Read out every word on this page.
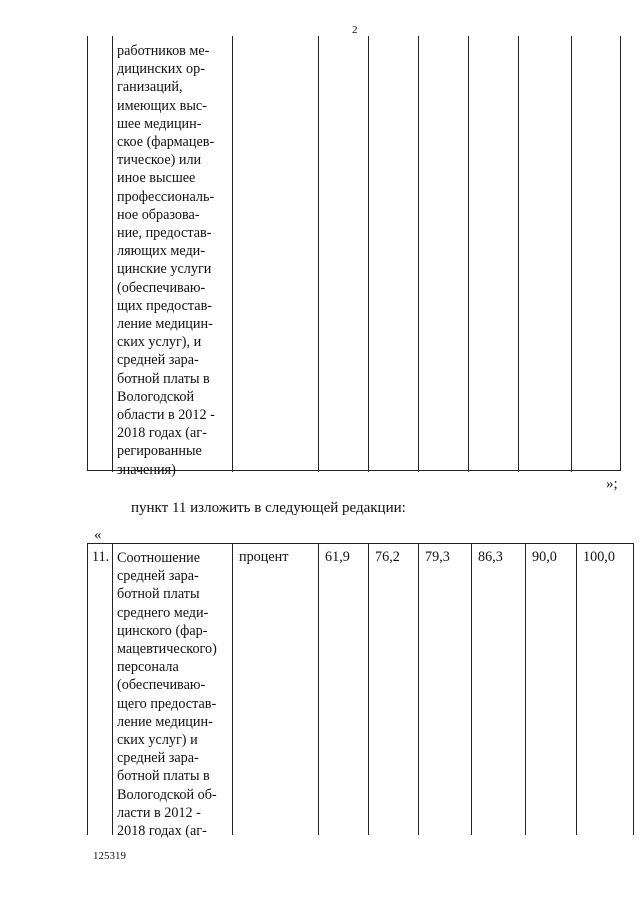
2
работников ме-
дицинских ор-
ганизаций,
имеющих выс-
шее медицин-
ское (фармацев-
тическое) или
иное высшее
профессиональ-
ное образова-
ние, предостав-
ляющих меди-
цинские услуги
(обеспечиваю-
щих предостав-
ление медицин-
ских услуг), и
средней зара-
ботной платы в
Вологодской
области в 2012 -
2018 годах (аг-
регированные
значения)
»;
пункт 11 изложить в следующей редакции:
«
11. Соотношение
средней зара-
ботной платы
среднего меди-
цинского (фар-
мацевтического)
персонала
(обеспечиваю-
щего предостав-
ление медицин-
ских услуг) и
средней зара-
ботной платы в
Вологодской об-
ласти в 2012 -
2018 годах (аг-
процент	61,9 76,2 79,3 86,3 90,0 100,0
125319
